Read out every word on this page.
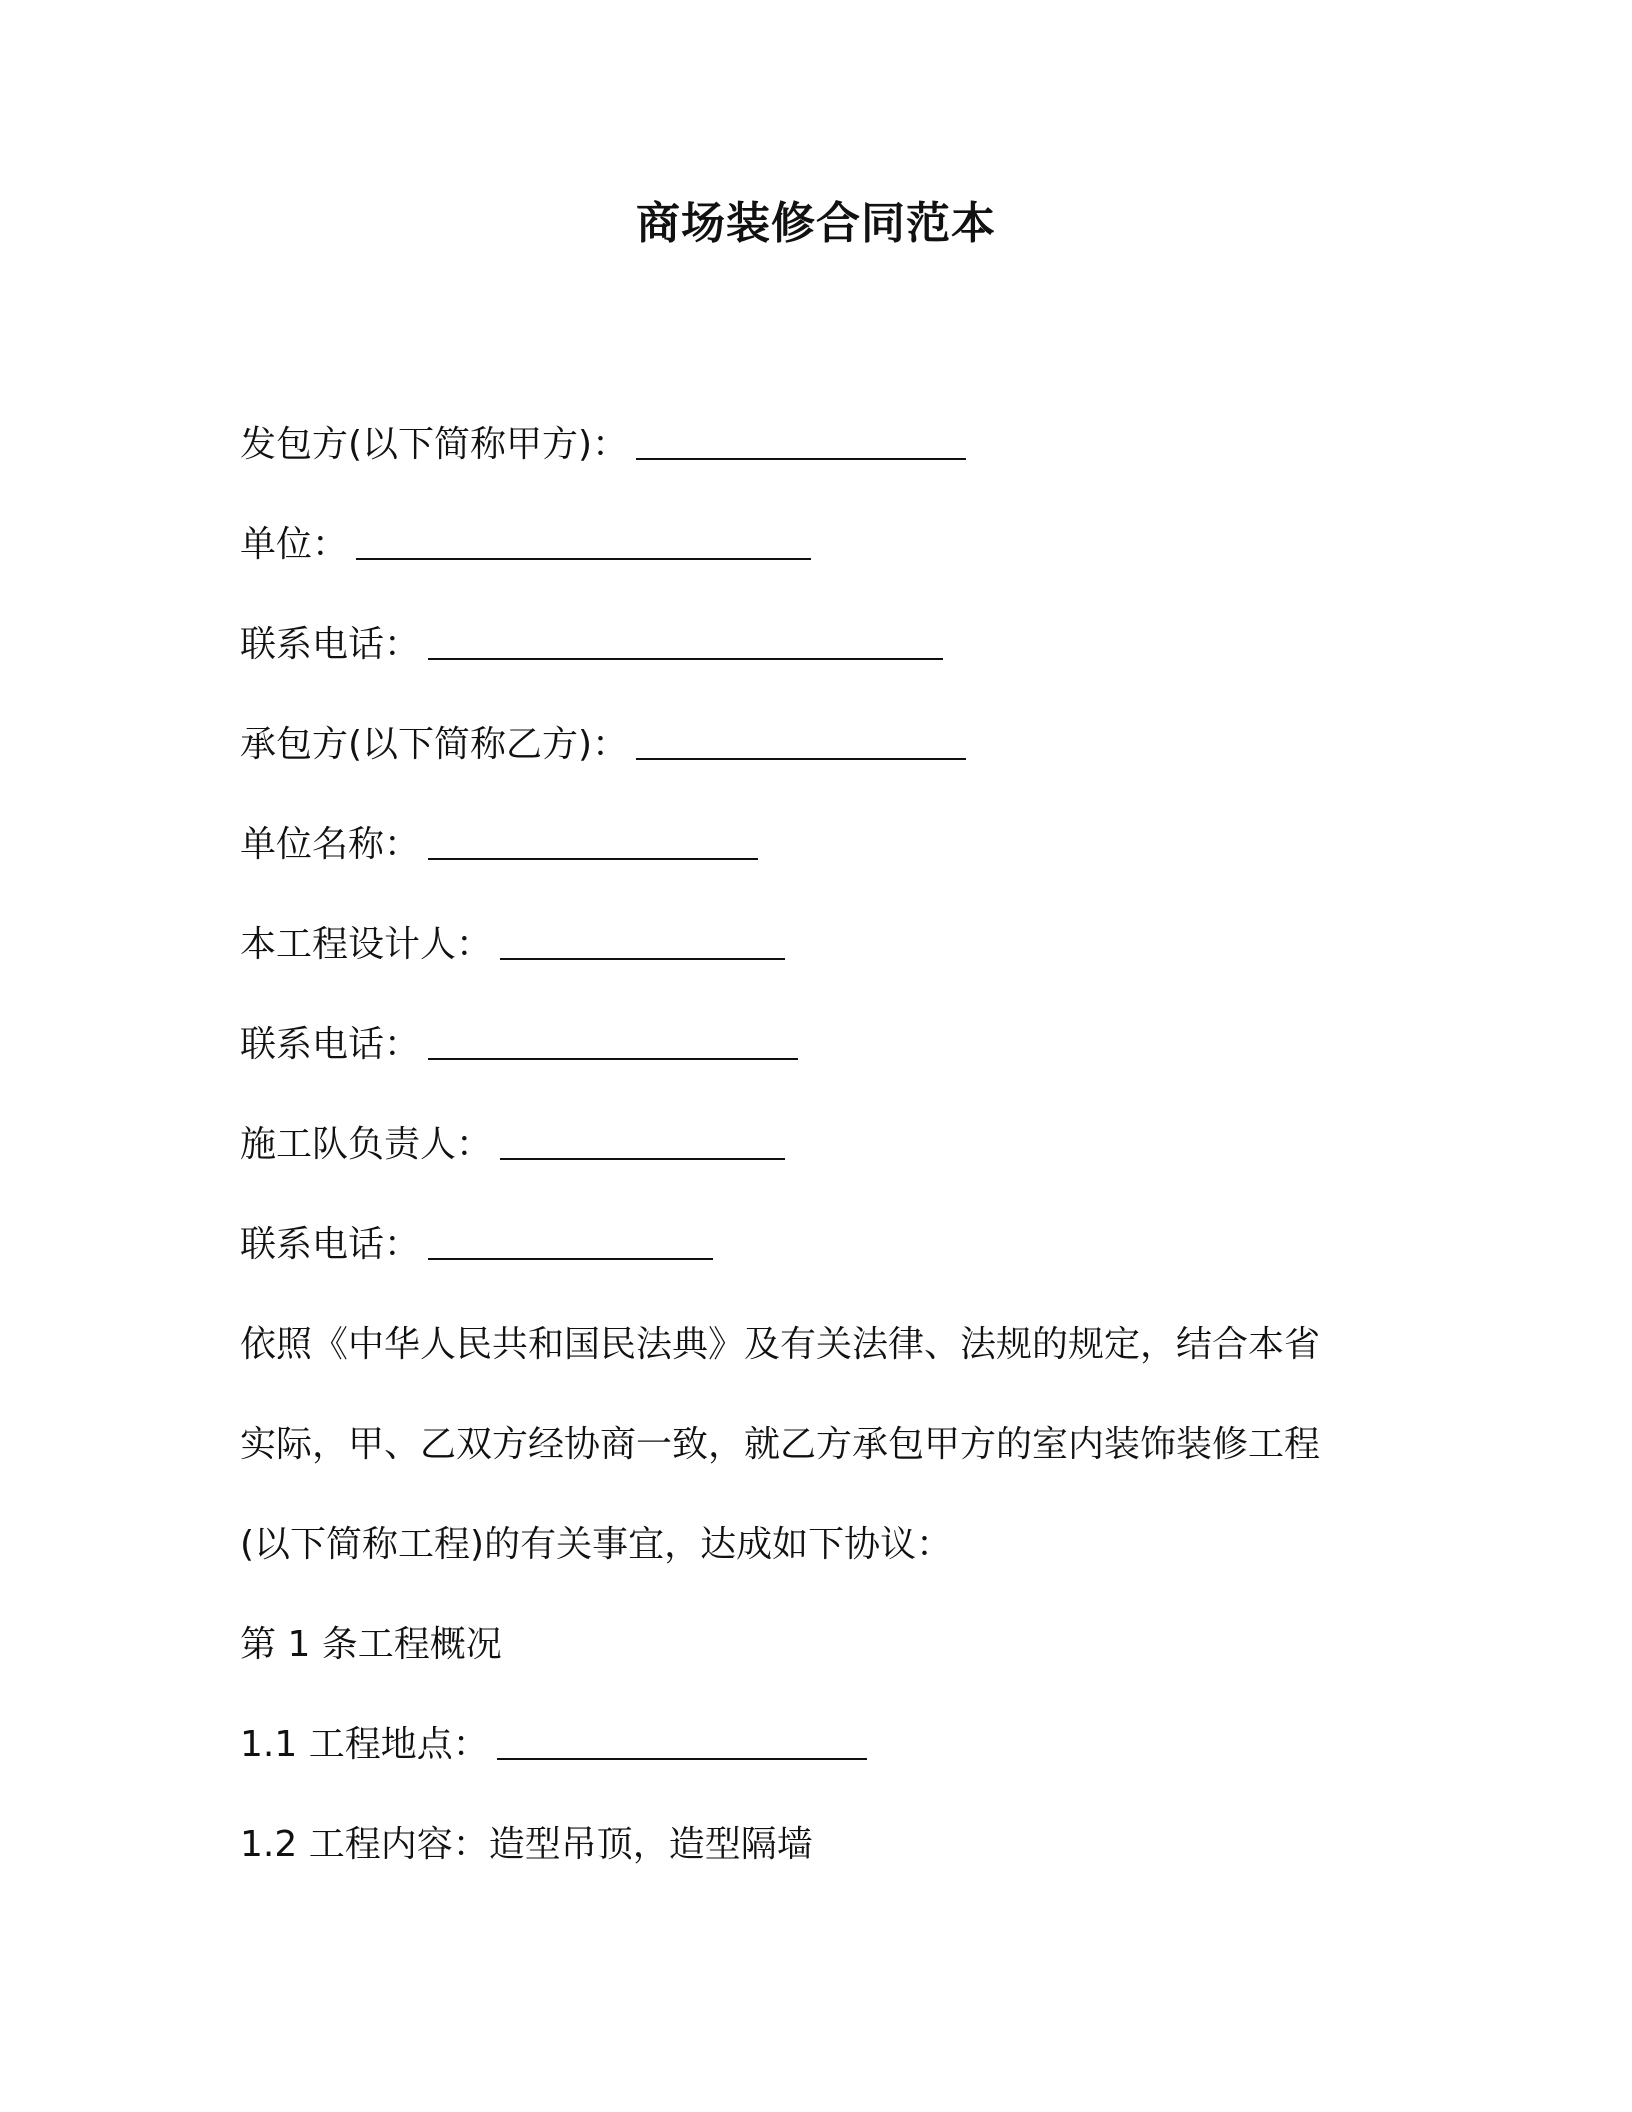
商场装修合同范本
发包方(以下简称甲方)：
单位：
联系电话：
承包方(以下简称乙方)：
单位名称：
本工程设计人：
联系电话：
施工队负责人：
联系电话：
依照《中华人民共和国民法典》及有关法律、法规的规定，结合本省
实际，甲、乙双方经协商一致，就乙方承包甲方的室内装饰装修工程
(以下简称工程)的有关事宜，达成如下协议：
第 1 条工程概况
1.1 工程地点：
1.2 工程内容：造型吊顶，造型隔墙
